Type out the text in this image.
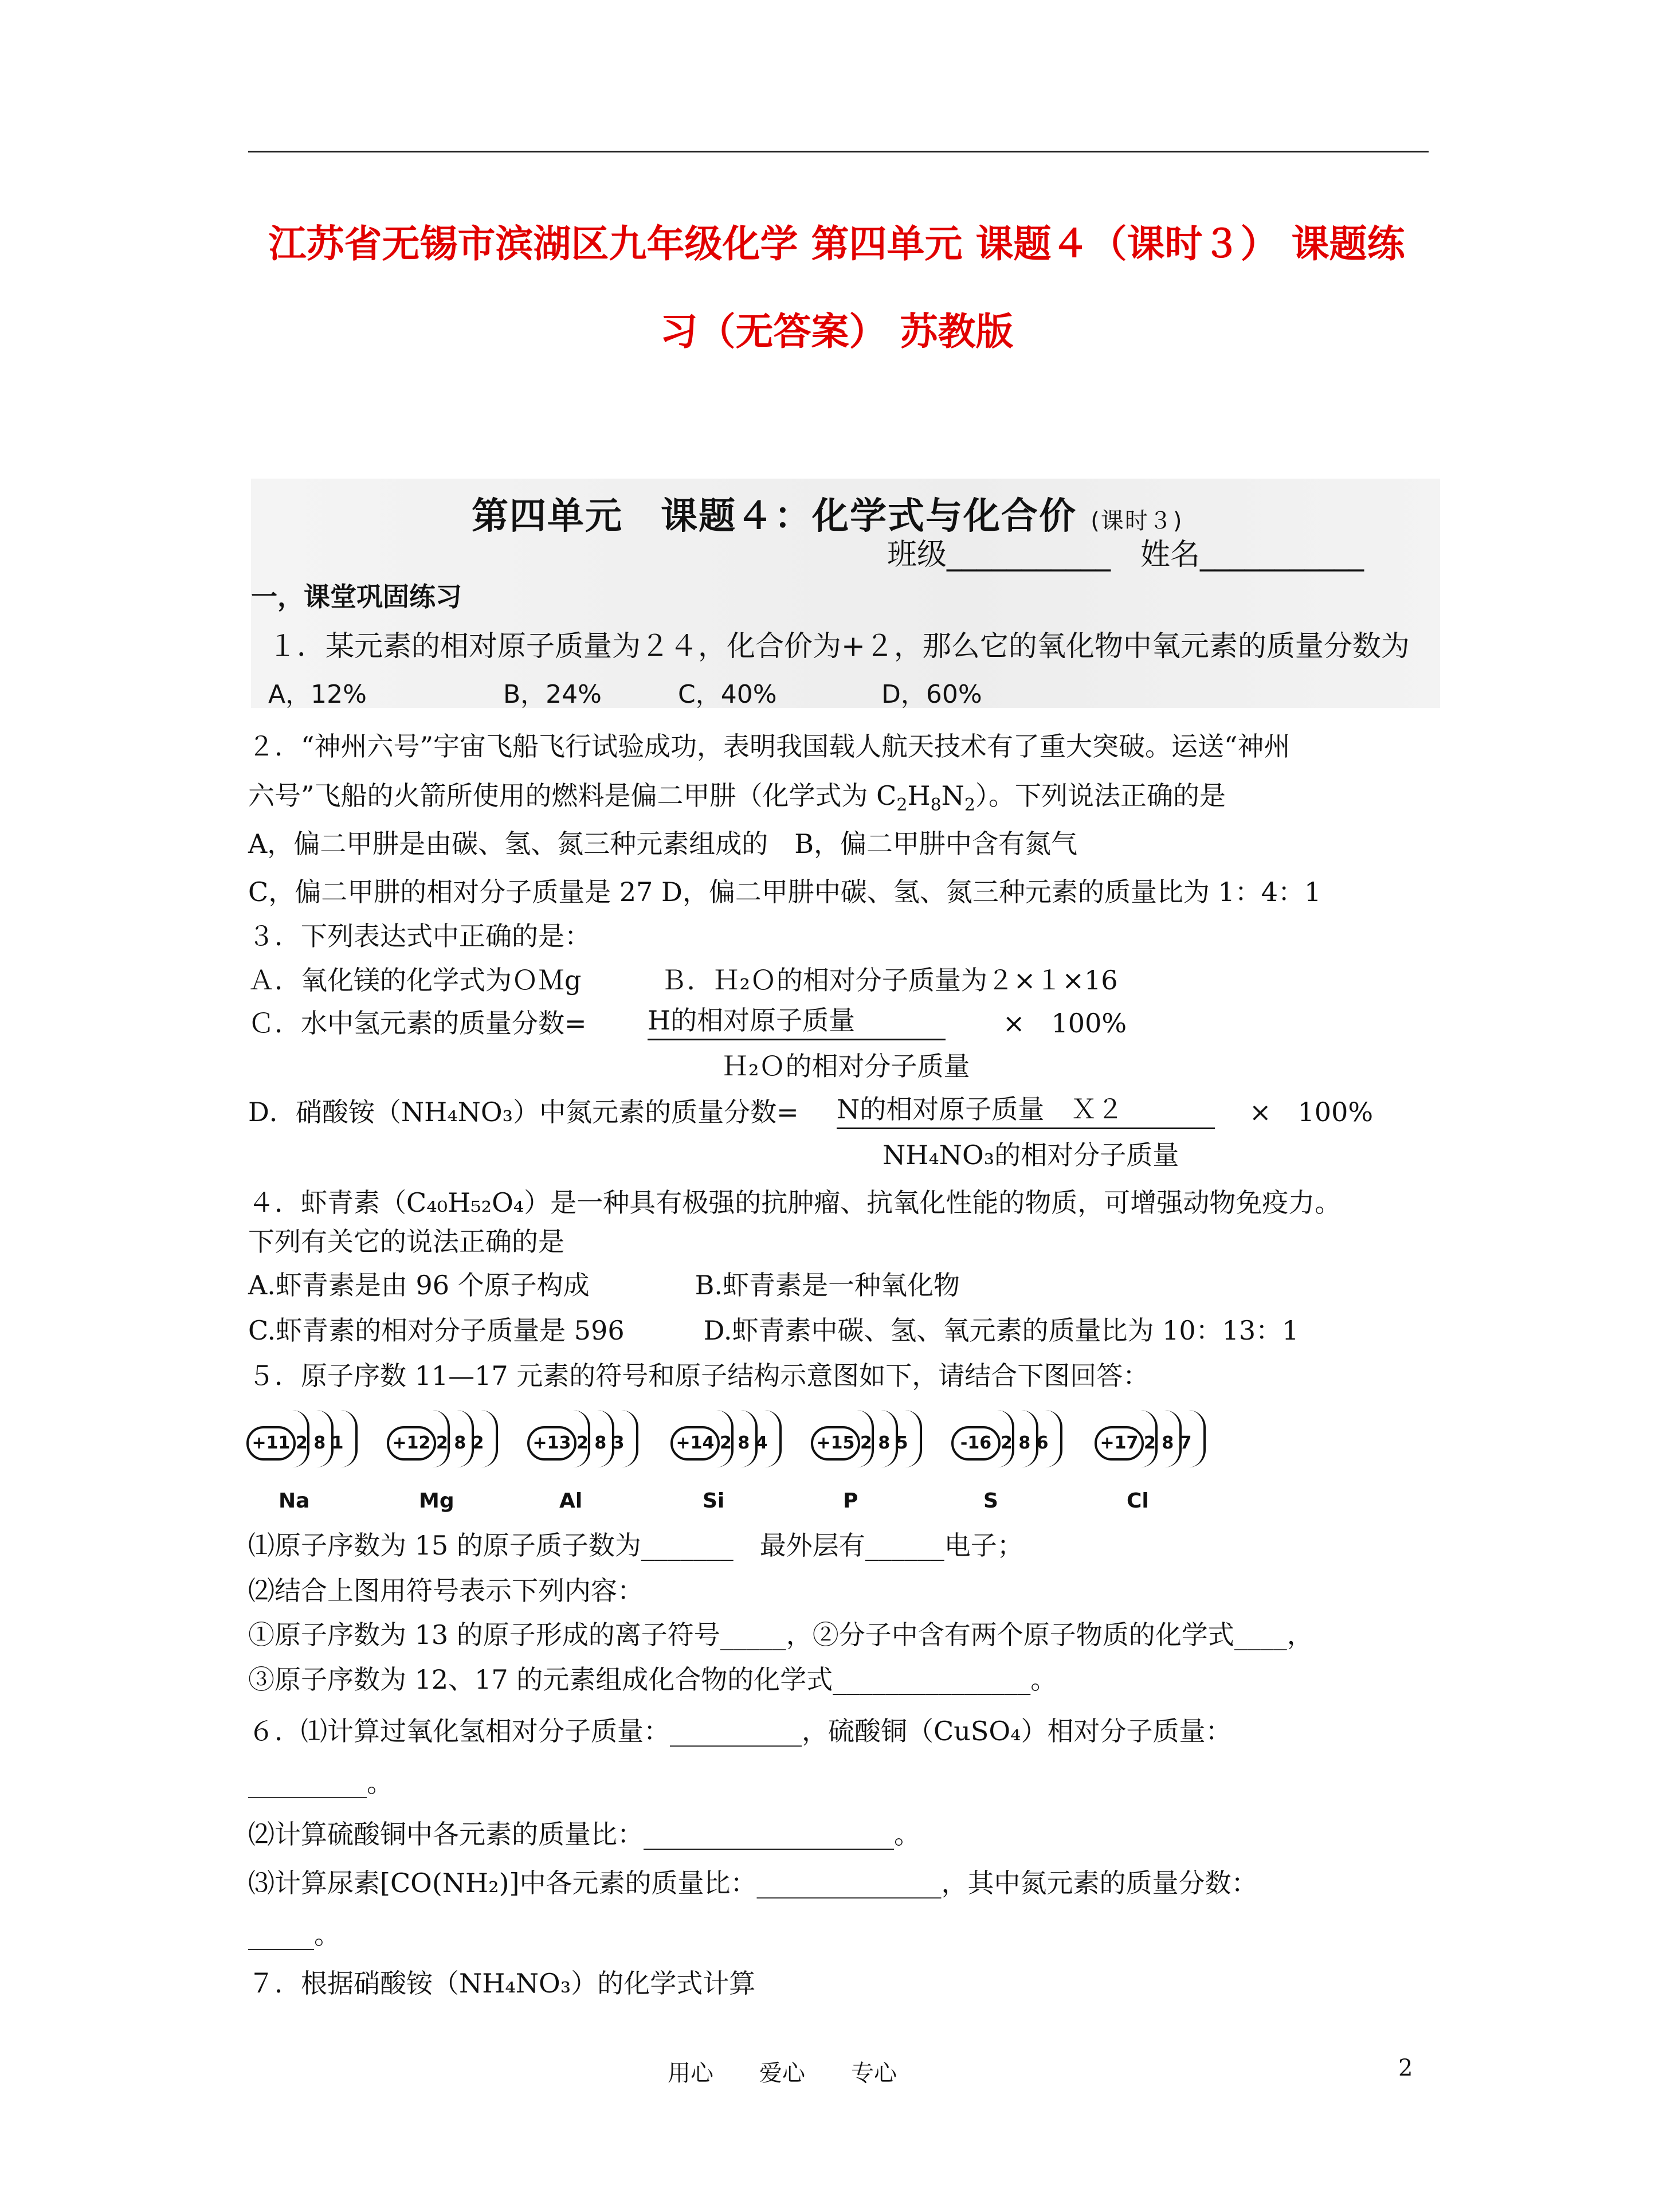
江苏省无锡市滨湖区九年级化学 第四单元 课题４（课时３） 课题练
习（无答案） 苏教版
第四单元　课题４：化学式与化合价 (课时３)
班级___________　姓名___________
一，课堂巩固练习
１．某元素的相对原子质量为２４，化合价为+２，那么它的氧化物中氧元素的质量分数为
A，12%	B，24%	C，40%	D，60%
２．“神州六号”宇宙飞船飞行试验成功，表明我国载人航天技术有了重大突破。运送“神州
六号”飞船的火箭所使用的燃料是偏二甲肼（化学式为 $C_2H_8N_2$）。下列说法正确的是
A，偏二甲肼是由碳、氢、氮三种元素组成的　B，偏二甲肼中含有氮气
C，偏二甲肼的相对分子质量是 27 D，偏二甲肼中碳、氢、氮三种元素的质量比为 1：4：1
３．下列表达式中正确的是：
Ａ．氧化镁的化学式为ＯＭg　　　Ｂ．Ｈ₂Ｏ的相对分子质量为２×１×16
Ｃ．水中氢元素的质量分数= H的相对原子质量	×　100%
Ｈ₂Ｏ的相对分子质量
D．硝酸铵（NH₄NO₃）中氮元素的质量分数= N的相对原子质量　Ｘ２	×　100%
NH₄NO₃的相对分子质量
４．虾青素（C₄₀H₅₂O₄）是一种具有极强的抗肿瘤、抗氧化性能的物质，可增强动物免疫力。
下列有关它的说法正确的是
A.虾青素是由 96 个原子构成　　　　B.虾青素是一种氧化物
C.虾青素的相对分子质量是 596　　　D.虾青素中碳、氢、氧元素的质量比为 10：13：1
５．原子序数 11—17 元素的符号和原子结构示意图如下，请结合下图回答：
+11 2 8 1
Na
+12 2 8 2
Mg
+13 2 8 3
Al
+14 2 8 4
Si
+15 2 8 5
P
-16 2 8 6
S
+17 2 8 7
Cl
⑴原子序数为 15 的原子质子数为_______　最外层有______电子；
⑵结合上图用符号表示下列内容：
①原子序数为 13 的原子形成的离子符号_____，②分子中含有两个原子物质的化学式____，
③原子序数为 12、17 的元素组成化合物的化学式_______________。
６．⑴计算过氧化氢相对分子质量：__________，硫酸铜（CuSO₄）相对分子质量：
_________。
⑵计算硫酸铜中各元素的质量比：___________________。
⑶计算尿素[CO(NH₂)]中各元素的质量比：______________，其中氮元素的质量分数：
_____。
７．根据硝酸铵（NH₄NO₃）的化学式计算
用心　　爱心　　专心	2
